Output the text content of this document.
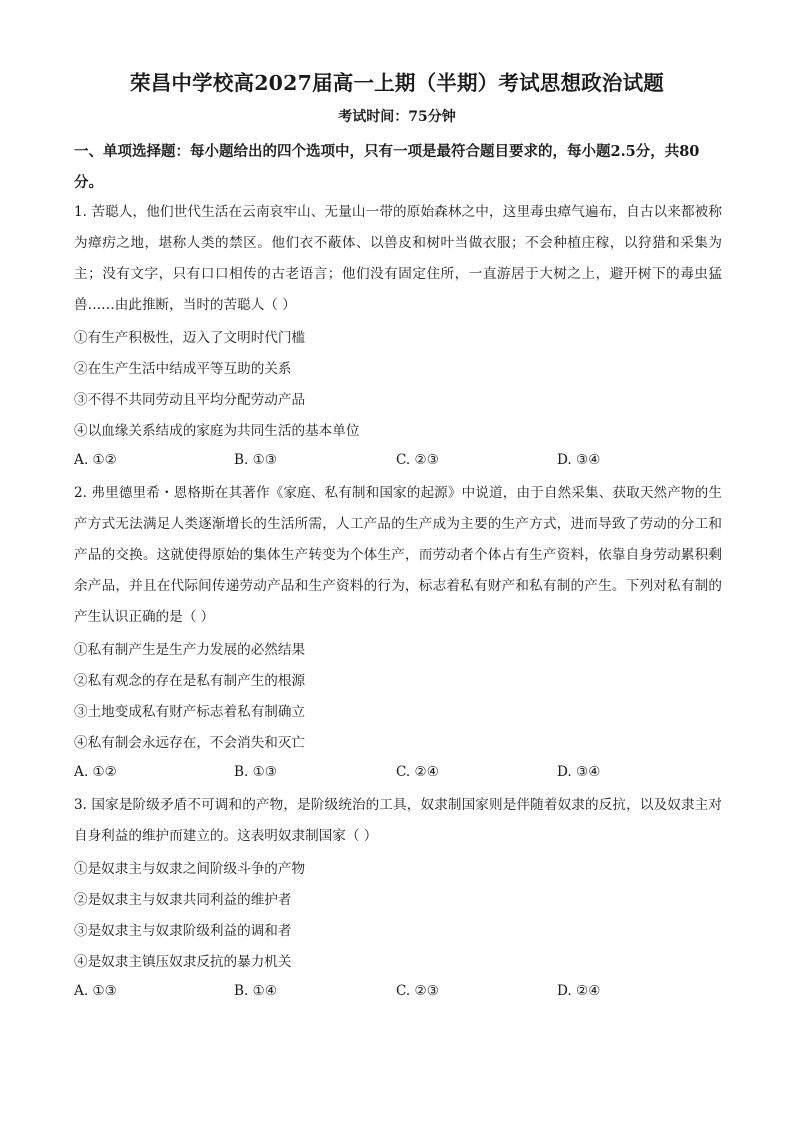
荣昌中学校高2027届高一上期（半期）考试思想政治试题
考试时间：75分钟
一、单项选择题：每小题给出的四个选项中，只有一项是最符合题目要求的，每小题2.5分，共80分。
1. 苦聪人，他们世代生活在云南哀牢山、无量山一带的原始森林之中，这里毒虫瘴气遍布，自古以来都被称为瘴疠之地，堪称人类的禁区。他们衣不蔽体、以兽皮和树叶当做衣服；不会种植庄稼，以狩猎和采集为主；没有文字，只有口口相传的古老语言；他们没有固定住所，一直游居于大树之上，避开树下的毒虫猛兽……由此推断，当时的苦聪人（ ）
①有生产积极性，迈入了文明时代门槛
②在生产生活中结成平等互助的关系
③不得不共同劳动且平均分配劳动产品
④以血缘关系结成的家庭为共同生活的基本单位
A. ①②	B. ①③	C. ②③	D. ③④
2. 弗里德里希・恩格斯在其著作《家庭、私有制和国家的起源》中说道，由于自然采集、获取天然产物的生产方式无法满足人类逐渐增长的生活所需，人工产品的生产成为主要的生产方式，进而导致了劳动的分工和产品的交换。这就使得原始的集体生产转变为个体生产，而劳动者个体占有生产资料，依靠自身劳动累积剩余产品，并且在代际间传递劳动产品和生产资料的行为，标志着私有财产和私有制的产生。下列对私有制的产生认识正确的是（ ）
①私有制产生是生产力发展的必然结果
②私有观念的存在是私有制产生的根源
③土地变成私有财产标志着私有制确立
④私有制会永远存在，不会消失和灭亡
A. ①②	B. ①③	C. ②④	D. ③④
3. 国家是阶级矛盾不可调和的产物，是阶级统治的工具，奴隶制国家则是伴随着奴隶的反抗，以及奴隶主对自身利益的维护而建立的。这表明奴隶制国家（ ）
①是奴隶主与奴隶之间阶级斗争的产物
②是奴隶主与奴隶共同利益的维护者
③是奴隶主与奴隶阶级利益的调和者
④是奴隶主镇压奴隶反抗的暴力机关
A. ①③	B. ①④	C. ②③	D. ②④
